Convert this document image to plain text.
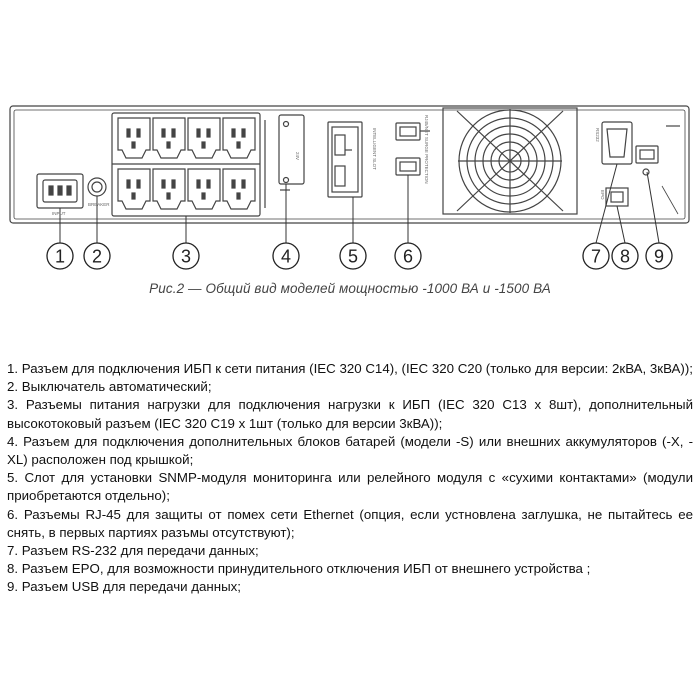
INPUT
BREAKER
24V	INTELLIGENT SLOT	RJ45/NET SURGE PROTECTION	RS232
EPO
1 2	3	4	5 6	7 8 9
Рис.2 — Общий вид моделей мощностью -1000 ВА и -1500 ВА
1. Разъем для подключения ИБП к сети питания (IEC 320 C14), (IEC 320 C20 (только для версии: 2кВА, 3кВА));
2. Выключатель автоматический;
3. Разъемы питания нагрузки для подключения нагрузки к ИБП (IEC 320 C13 x 8шт), дополнительный высокотоковый разъем (IEC 320 C19 x 1шт (только для версии 3кВА));
4. Разъем для подключения дополнительных блоков батарей (модели -S) или внешних аккумуляторов (-X, -XL) расположен под крышкой;
5. Слот для установки SNMP-модуля мониторинга или релейного модуля с «сухими контактами» (модули приобретаются отдельно);
6. Разъемы RJ-45 для защиты от помех сети Ethernet (опция, если устновлена заглушка, не пытайтесь ее снять, в первых партиях разъмы отсутствуют);
7. Разъем RS-232 для передачи данных;
8. Разъем EPO, для возможности принудительного отключения ИБП от внешнего устройства ;
9. Разъем USB для передачи данных;
